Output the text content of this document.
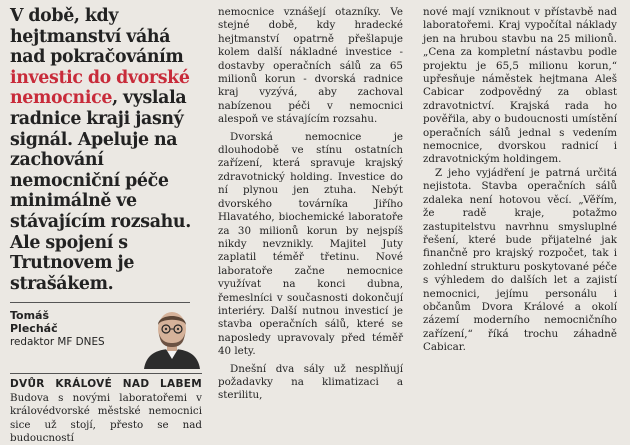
V době, kdy hejtmanství váhá nad pokračováním investic do dvorské nemocnice, vyslala radnice kraji jasný signál. Apeluje na zachování nemocniční péče minimálně ve stávajícím rozsahu. Ale spojení s Trutnovem je strašákem.

Tomáš
Plecháč
redaktor MF DNES

DVŮR KRÁLOVÉ NAD LABEM Budova s novými laboratořemi v královédvorské městské nemocnici sice už stojí, přesto se nad budoucností

nemocnice vznášejí otazníky. Ve stejné době, kdy hradecké hejtmanství opatrně přešlapuje kolem další nákladné investice - dostavby operačních sálů za 65 milionů korun - dvorská radnice kraj vyzývá, aby zachoval nabízenou péči v nemocnici alespoň ve stávajícím rozsahu.

Dvorská nemocnice je dlouhodobě ve stínu ostatních zařízení, která spravuje krajský zdravotnický holding. Investice do ní plynou jen ztuha. Nebýt dvorského továrníka Jiřího Hlavatého, biochemické laboratoře za 30 milionů korun by nejspíš nikdy nevznikly. Majitel Juty zaplatil téměř třetinu. Nové laboratoře začne nemocnice využívat na konci dubna, řemeslníci v současnosti dokončují interiéry. Další nutnou investicí je stavba operačních sálů, které se naposledy upravovaly před téměř 40 lety.

Dnešní dva sály už nesplňují požadavky na klimatizaci a sterilitu,

nové mají vzniknout v přístavbě nad laboratořemi. Kraj vypočítal náklady jen na hrubou stavbu na 25 milionů. „Cena za kompletní nástavbu podle projektu je 65,5 milionu korun,“ upřesňuje náměstek hejtmana Aleš Cabicar zodpovědný za oblast zdravotnictví. Krajská rada ho pověřila, aby o budoucnosti umístění operačních sálů jednal s vedením nemocnice, dvorskou radnicí i zdravotnickým holdingem.

Z jeho vyjádření je patrná určitá nejistota. Stavba operačních sálů zdaleka není hotovou věcí. „Věřím, že radě kraje, potažmo zastupitelstvu navrhnu smysluplné řešení, které bude přijatelné jak finančně pro krajský rozpočet, tak i zohlední strukturu poskytované péče s výhledem do dalších let a zajistí nemocnici, jejímu personálu i občanům Dvora Králové a okolí zázemí moderního nemocničního zařízení,“ říká trochu záhadně Cabicar.
